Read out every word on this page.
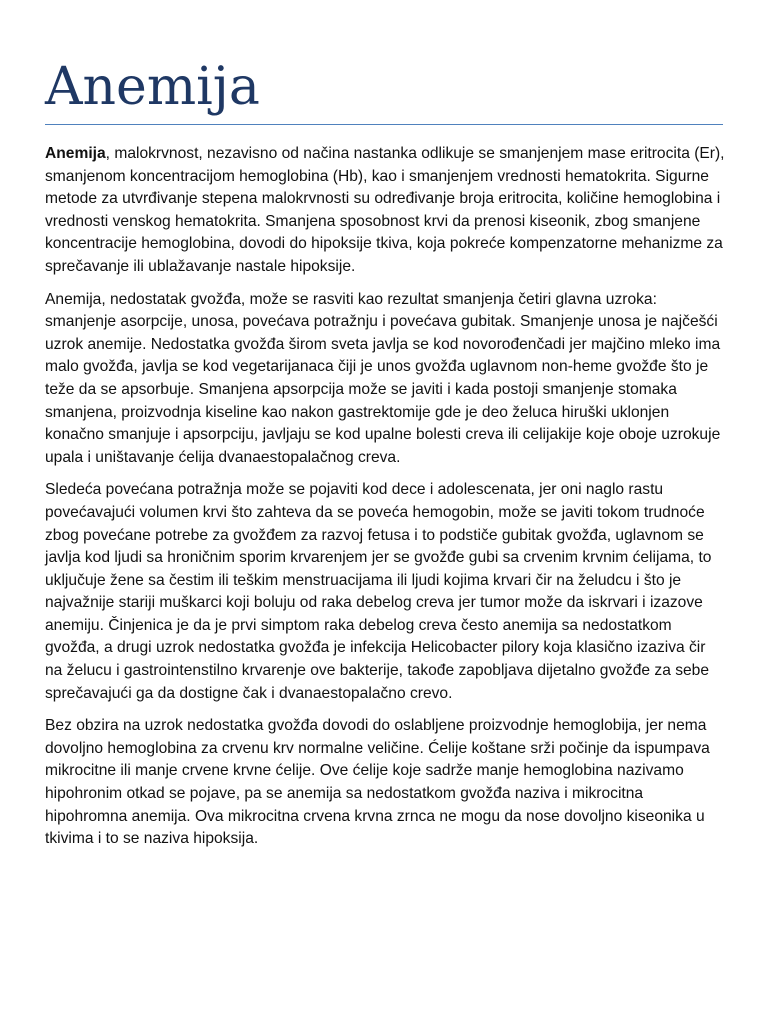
Anemija

Anemija, malokrvnost, nezavisno od načina nastanka odlikuje se smanjenjem mase eritrocita (Er), smanjenom koncentracijom hemoglobina (Hb), kao i smanjenjem vrednosti hematokrita. Sigurne metode za utvrđivanje stepena malokrvnosti su određivanje broja eritrocita, količine hemoglobina i vrednosti venskog hematokrita. Smanjena sposobnost krvi da prenosi kiseonik, zbog smanjene koncentracije hemoglobina, dovodi do hipoksije tkiva, koja pokreće kompenzatorne mehanizme za sprečavanje ili ublažavanje nastale hipoksije.

Anemija, nedostatak gvožđa, može se rasviti kao rezultat smanjenja četiri glavna uzroka: smanjenje asorpcije, unosa, povećava potražnju i povećava gubitak. Smanjenje unosa je najčešći uzrok anemije. Nedostatka gvožđa širom sveta javlja se kod novorođenčadi jer majčino mleko ima malo gvožđa, javlja se kod vegetarijanaca čiji je unos gvožđa uglavnom non-heme gvožđe što je teže da se apsorbuje. Smanjena apsorpcija može se javiti i kada postoji smanjenje stomaka smanjena, proizvodnja kiseline kao nakon gastrektomije gde je deo želuca hiruški uklonjen konačno smanjuje i apsorpciju, javljaju se kod upalne bolesti creva ili celijakije koje oboje uzrokuje upala i uništavanje ćelija dvanaestopalačnog creva.

Sledeća povećana potražnja može se pojaviti kod dece i adolescenata, jer oni naglo rastu povećavajući volumen krvi što zahteva da se poveća hemogobin, može se javiti tokom trudnoće zbog povećane potrebe za gvožđem za razvoj fetusa i to podstiče gubitak gvožđa, uglavnom se javlja kod ljudi sa hroničnim sporim krvarenjem jer se gvožđe gubi sa crvenim krvnim ćelijama, to uključuje žene sa čestim ili teškim menstruacijama ili ljudi kojima krvari čir na želudcu i što je najvažnije stariji muškarci koji boluju od raka debelog creva jer tumor može da iskrvari i izazove anemiju. Činjenica je da je prvi simptom raka debelog creva često anemija sa nedostatkom gvožđa, a drugi uzrok nedostatka gvožđa je infekcija Helicobacter pilory koja klasično izaziva čir na želucu i gastrointenstilno krvarenje ove bakterije, takođe zapobljava dijetalno gvožđe za sebe sprečavajući ga da dostigne čak i dvanaestopalačno crevo.

Bez obzira na uzrok nedostatka gvožđa dovodi do oslabljene proizvodnje hemoglobija, jer nema dovoljno hemoglobina za crvenu krv normalne veličine. Ćelije koštane srži počinje da ispumpava mikrocitne ili manje crvene krvne ćelije. Ove ćelije koje sadrže manje hemoglobina nazivamo hipohronim otkad se pojave, pa se anemija sa nedostatkom gvožđa naziva i mikrocitna hipohromna anemija. Ova mikrocitna crvena krvna zrnca ne mogu da nose dovoljno kiseonika u tkivima i to se naziva hipoksija.
